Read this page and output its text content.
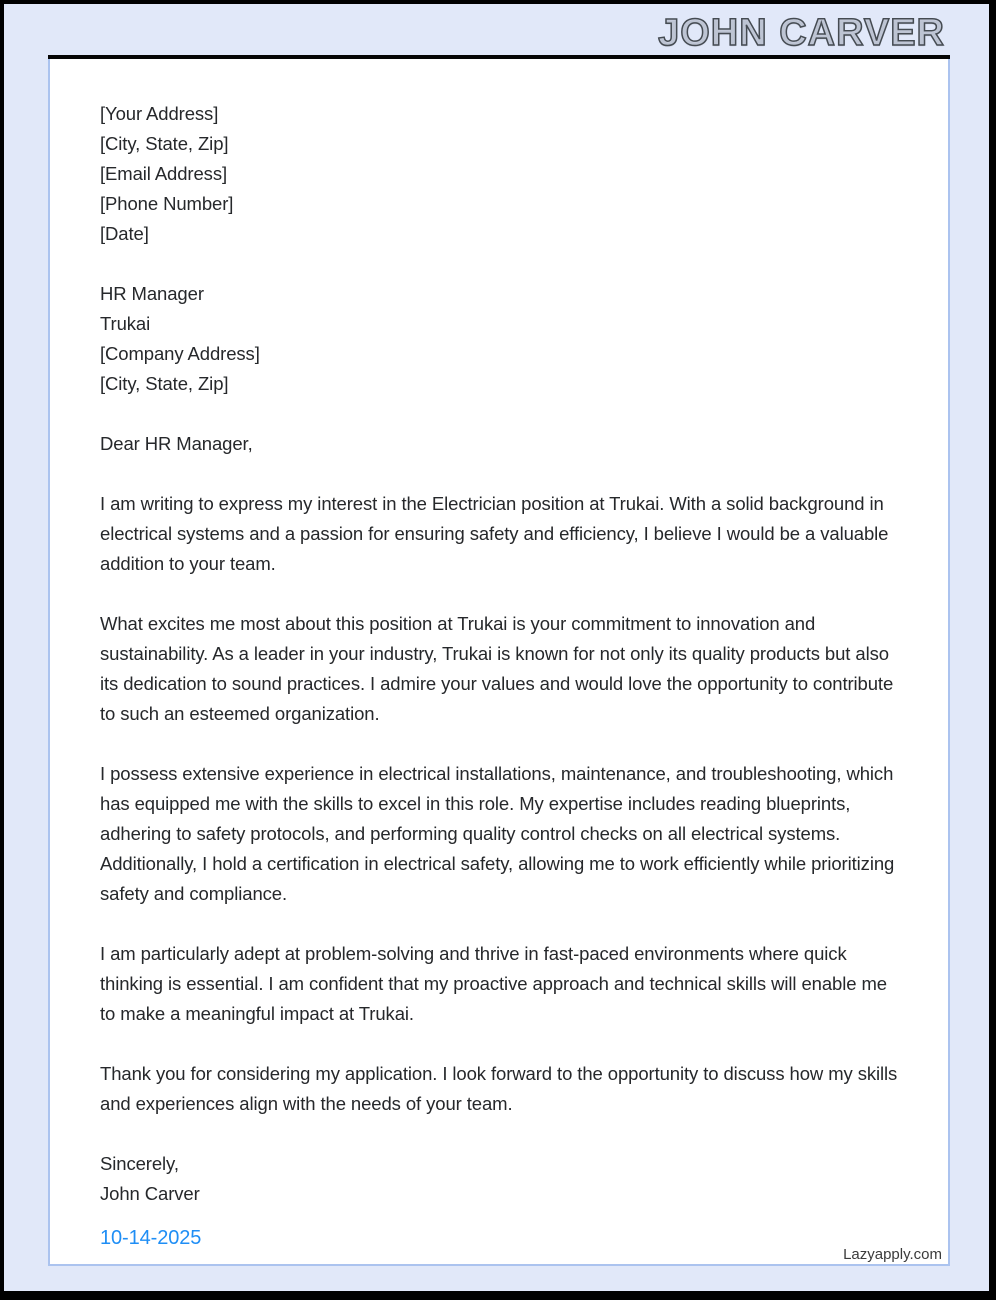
JOHN CARVER
[Your Address]
[City, State, Zip]
[Email Address]
[Phone Number]
[Date]
HR Manager
Trukai
[Company Address]
[City, State, Zip]

Dear HR Manager,

I am writing to express my interest in the Electrician position at Trukai. With a solid background in electrical systems and a passion for ensuring safety and efficiency, I believe I would be a valuable addition to your team.

What excites me most about this position at Trukai is your commitment to innovation and sustainability. As a leader in your industry, Trukai is known for not only its quality products but also its dedication to sound practices. I admire your values and would love the opportunity to contribute to such an esteemed organization.

I possess extensive experience in electrical installations, maintenance, and troubleshooting, which has equipped me with the skills to excel in this role. My expertise includes reading blueprints, adhering to safety protocols, and performing quality control checks on all electrical systems. Additionally, I hold a certification in electrical safety, allowing me to work efficiently while prioritizing safety and compliance.

I am particularly adept at problem-solving and thrive in fast-paced environments where quick thinking is essential. I am confident that my proactive approach and technical skills will enable me to make a meaningful impact at Trukai.

Thank you for considering my application. I look forward to the opportunity to discuss how my skills and experiences align with the needs of your team.

Sincerely,
John Carver
10-14-2025
Lazyapply.com
